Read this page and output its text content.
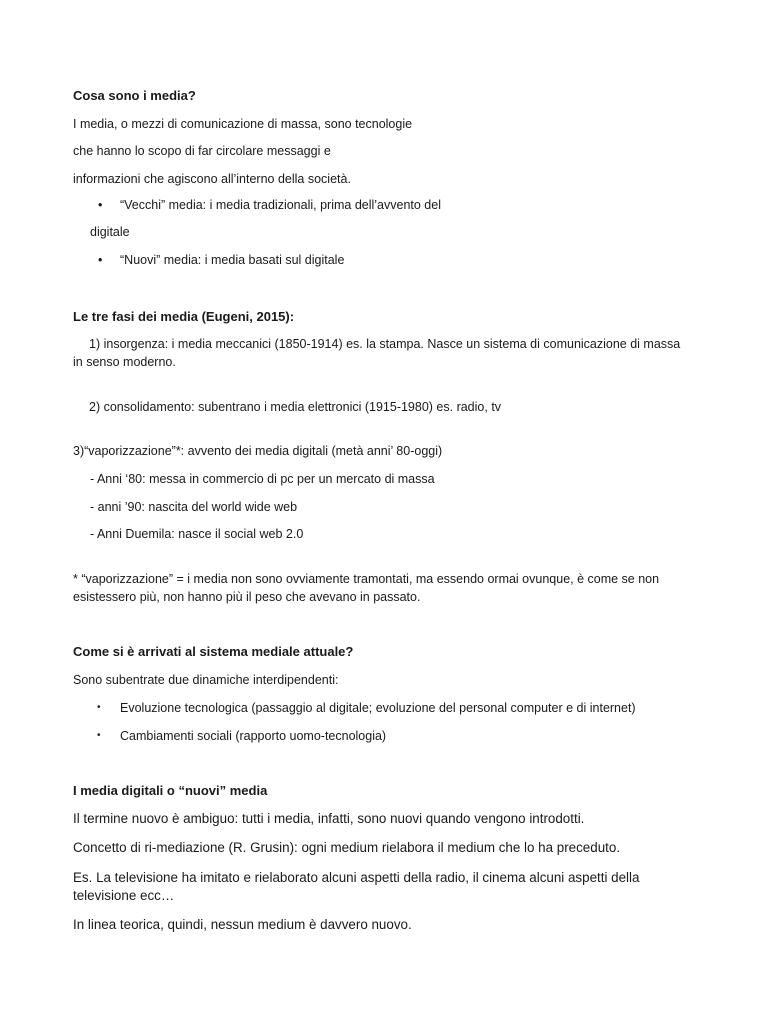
Cosa sono i media?
I media, o mezzi di comunicazione di massa, sono tecnologie
che hanno lo scopo di far circolare messaggi e
informazioni che agiscono all’interno della società.
• “Vecchi” media: i media tradizionali, prima dell’avvento del
digitale
• “Nuovi” media: i media basati sul digitale
Le tre fasi dei media (Eugeni, 2015):
1) insorgenza: i media meccanici (1850-1914) es. la stampa. Nasce un sistema di comunicazione di massa
in senso moderno.
2) consolidamento: subentrano i media elettronici (1915-1980) es. radio, tv
3)“vaporizzazione”*: avvento dei media digitali (metà anni’ 80-oggi)
- Anni ‘80: messa in commercio di pc per un mercato di massa
- anni ’90: nascita del world wide web
- Anni Duemila: nasce il social web 2.0
* “vaporizzazione” = i media non sono ovviamente tramontati, ma essendo ormai ovunque, è come se non
esistessero più, non hanno più il peso che avevano in passato.
Come si è arrivati al sistema mediale attuale?
Sono subentrate due dinamiche interdipendenti:
• Evoluzione tecnologica (passaggio al digitale; evoluzione del personal computer e di internet)
• Cambiamenti sociali (rapporto uomo-tecnologia)
I media digitali o “nuovi” media
Il termine nuovo è ambiguo: tutti i media, infatti, sono nuovi quando vengono introdotti.
Concetto di ri-mediazione (R. Grusin): ogni medium rielabora il medium che lo ha preceduto.
Es. La televisione ha imitato e rielaborato alcuni aspetti della radio, il cinema alcuni aspetti della
televisione ecc…
In linea teorica, quindi, nessun medium è davvero nuovo.
